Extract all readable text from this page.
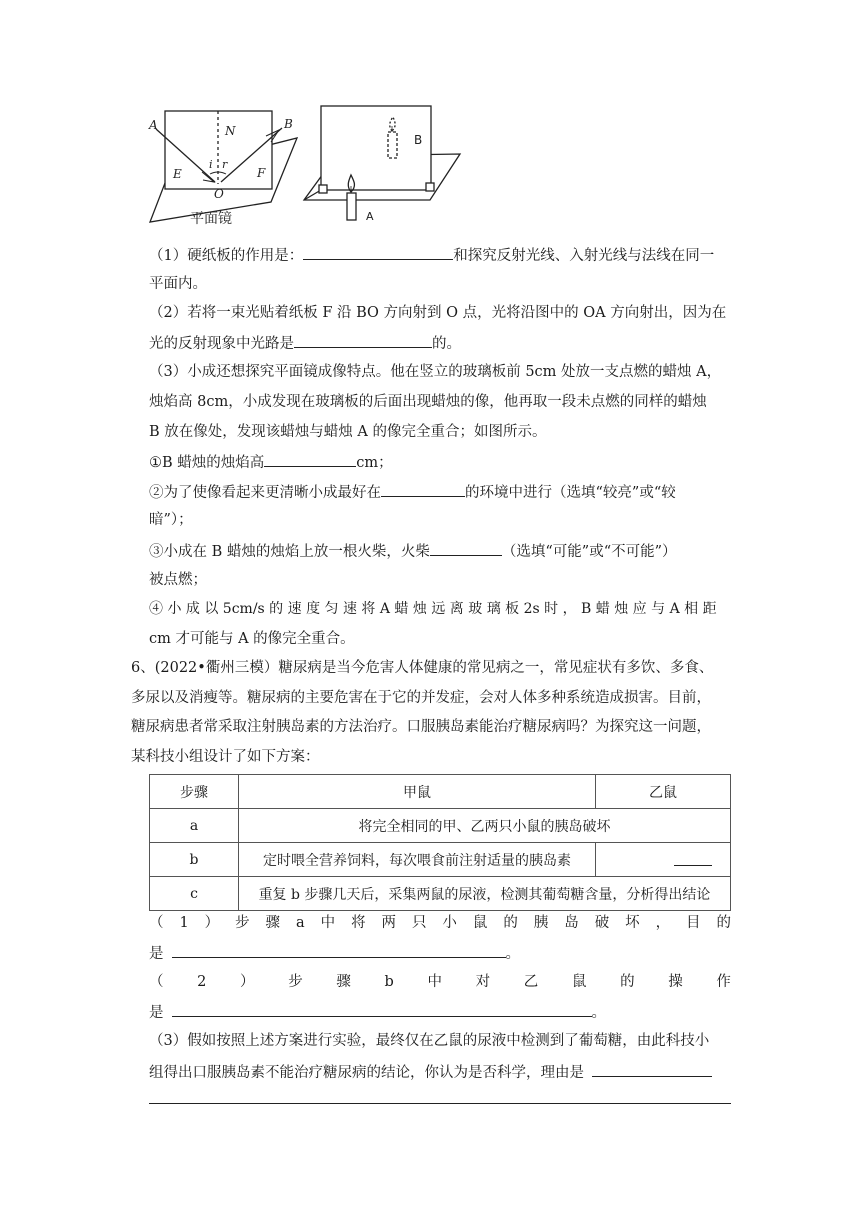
A	B
N
E	F
O
i r
平面镜
B
A
（1）硬纸板的作用是：	和探究反射光线、入射光线与法线在同一
平面内。
（2）若将一束光贴着纸板 F 沿 BO 方向射到 O 点，光将沿图中的 OA 方向射出，因为在
光的反射现象中光路是	的。
（3）小成还想探究平面镜成像特点。他在竖立的玻璃板前 5cm 处放一支点燃的蜡烛 A，
烛焰高 8cm，小成发现在玻璃板的后面出现蜡烛的像，他再取一段未点燃的同样的蜡烛
B 放在像处，发现该蜡烛与蜡烛 A 的像完全重合；如图所示。
①B 蜡烛的烛焰高	cm；
②为了使像看起来更清晰小成最好在	的环境中进行（选填“较亮”或“较
暗”）；
③小成在 B 蜡烛的烛焰上放一根火柴，火柴	（选填“可能”或“不可能”）
被点燃；
④ 小 成 以 5cm/s 的 速 度 匀 速 将 A 蜡 烛 远 离 玻 璃 板 2s 时 ， B 蜡 烛 应 与 A 相 距
cm 才可能与 A 的像完全重合。
6、(2022•衢州三模）糖尿病是当今危害人体健康的常见病之一，常见症状有多饮、多食、
多尿以及消瘦等。糖尿病的主要危害在于它的并发症，会对人体多种系统造成损害。目前，
糖尿病患者常采取注射胰岛素的方法治疗。口服胰岛素能治疗糖尿病吗？为探究这一问题，
某科技小组设计了如下方案：
步骤	甲鼠	乙鼠
a	将完全相同的甲、乙两只小鼠的胰岛破坏	
b	定时喂全营养饲料，每次喂食前注射适量的胰岛素	
c	重复 b 步骤几天后，采集两鼠的尿液，检测其葡萄糖含量，分析得出结论	
（ 1 ） 步 骤 a 中 将 两 只 小 鼠 的 胰 岛 破 坏 ， 目 的
是	。
（ 2 ） 步 骤 b 中 对 乙 鼠 的 操 作
是	。
（3）假如按照上述方案进行实验，最终仅在乙鼠的尿液中检测到了葡萄糖，由此科技小
组得出口服胰岛素不能治疗糖尿病的结论，你认为是否科学，理由是
